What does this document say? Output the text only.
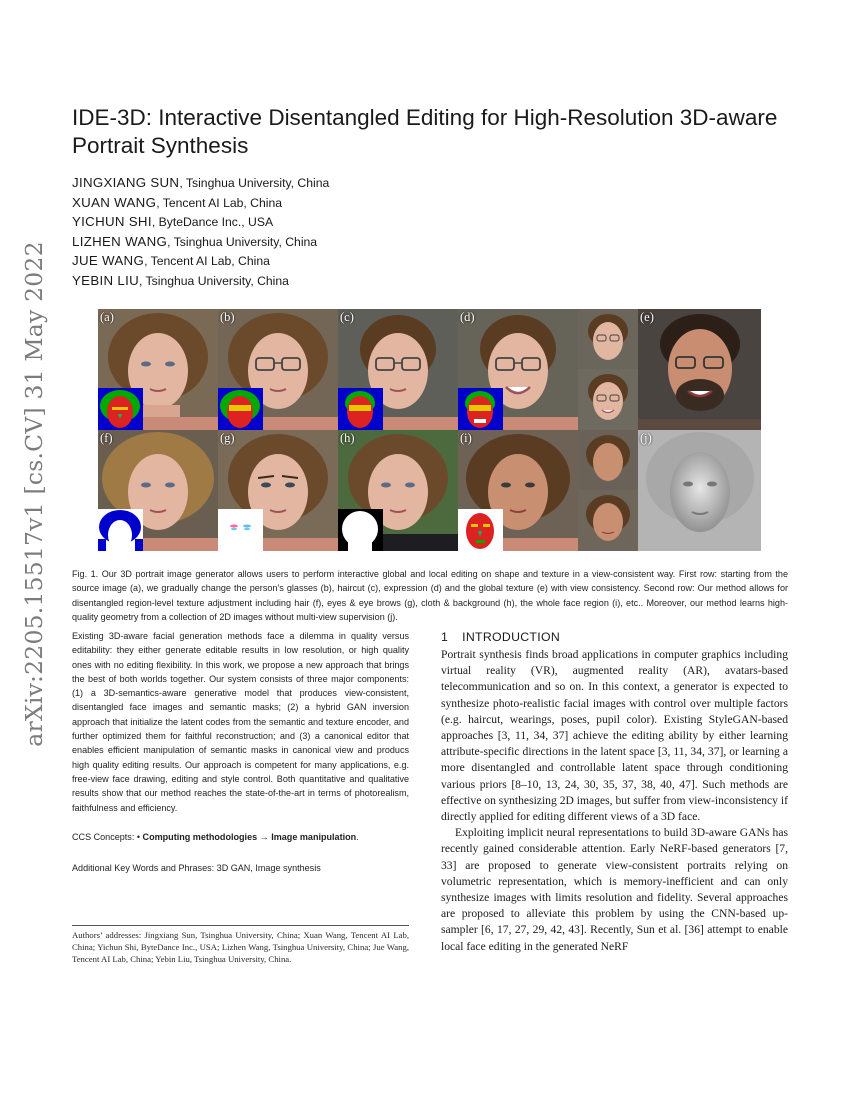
arXiv:2205.15517v1 [cs.CV] 31 May 2022
IDE-3D: Interactive Disentangled Editing for High-Resolution 3D-aware Portrait Synthesis
JINGXIANG SUN, Tsinghua University, China
XUAN WANG, Tencent AI Lab, China
YICHUN SHI, ByteDance Inc., USA
LIZHEN WANG, Tsinghua University, China
JUE WANG, Tencent AI Lab, China
YEBIN LIU, Tsinghua University, China
(a)	(b)	(c)	(d)	(e)
(f)	(g)	(h)	(i)	(j)

Fig. 1. Our 3D portrait image generator allows users to perform interactive global and local editing on shape and texture in a view-consistent way. First row: starting from the source image (a), we gradually change the person’s glasses (b), haircut (c), expression (d) and the global texture (e) with view consistency. Second row: Our method allows for disentangled region-level texture adjustment including hair (f), eyes & eye brows (g), cloth & background (h), the whole face region (i), etc.. Moreover, our method learns high-quality geometry from a collection of 2D images without multi-view supervision (j).

Existing 3D-aware facial generation methods face a dilemma in quality versus editability: they either generate editable results in low resolution, or high quality ones with no editing flexibility. In this work, we propose a new approach that brings the best of both worlds together. Our system consists of three major components: (1) a 3D-semantics-aware generative model that produces view-consistent, disentangled face images and semantic masks; (2) a hybrid GAN inversion approach that initialize the latent codes from the semantic and texture encoder, and further optimized them for faithful reconstruction; and (3) a canonical editor that enables efficient manipulation of semantic masks in canonical view and producs high quality editing results. Our approach is competent for many applications, e.g. free-view face drawing, editing and style control. Both quantitative and qualitative results show that our method reaches the state-of-the-art in terms of photorealism, faithfulness and efficiency.

CCS Concepts: • Computing methodologies → Image manipulation.

Additional Key Words and Phrases: 3D GAN, Image synthesis

Authors’ addresses: Jingxiang Sun, Tsinghua University, China; Xuan Wang, Tencent AI Lab, China; Yichun Shi, ByteDance Inc., USA; Lizhen Wang, Tsinghua University, China; Jue Wang, Tencent AI Lab, China; Yebin Liu, Tsinghua University, China.
1 INTRODUCTION

Portrait synthesis finds broad applications in computer graphics including virtual reality (VR), augmented reality (AR), avatars-based telecommunication and so on. In this context, a generator is expected to synthesize photo-realistic facial images with control over multiple factors (e.g. haircut, wearings, poses, pupil color). Existing StyleGAN-based approaches [3, 11, 34, 37] achieve the editing ability by either learning attribute-specific directions in the latent space [3, 11, 34, 37], or learning a more disentangled and controllable latent space through conditioning various priors [8–10, 13, 24, 30, 35, 37, 38, 40, 47]. Such methods are effective on synthesizing 2D images, but suffer from view-inconsistency if directly applied for editing different views of a 3D face.

Exploiting implicit neural representations to build 3D-aware GANs has recently gained considerable attention. Early NeRF-based generators [7, 33] are proposed to generate view-consistent portraits relying on volumetric representation, which is memory-inefficient and can only synthesize images with limits resolution and fidelity. Several approaches are proposed to alleviate this problem by using the CNN-based up-sampler [6, 17, 27, 29, 42, 43]. Recently, Sun et al. [36] attempt to enable local face editing in the generated NeRF
